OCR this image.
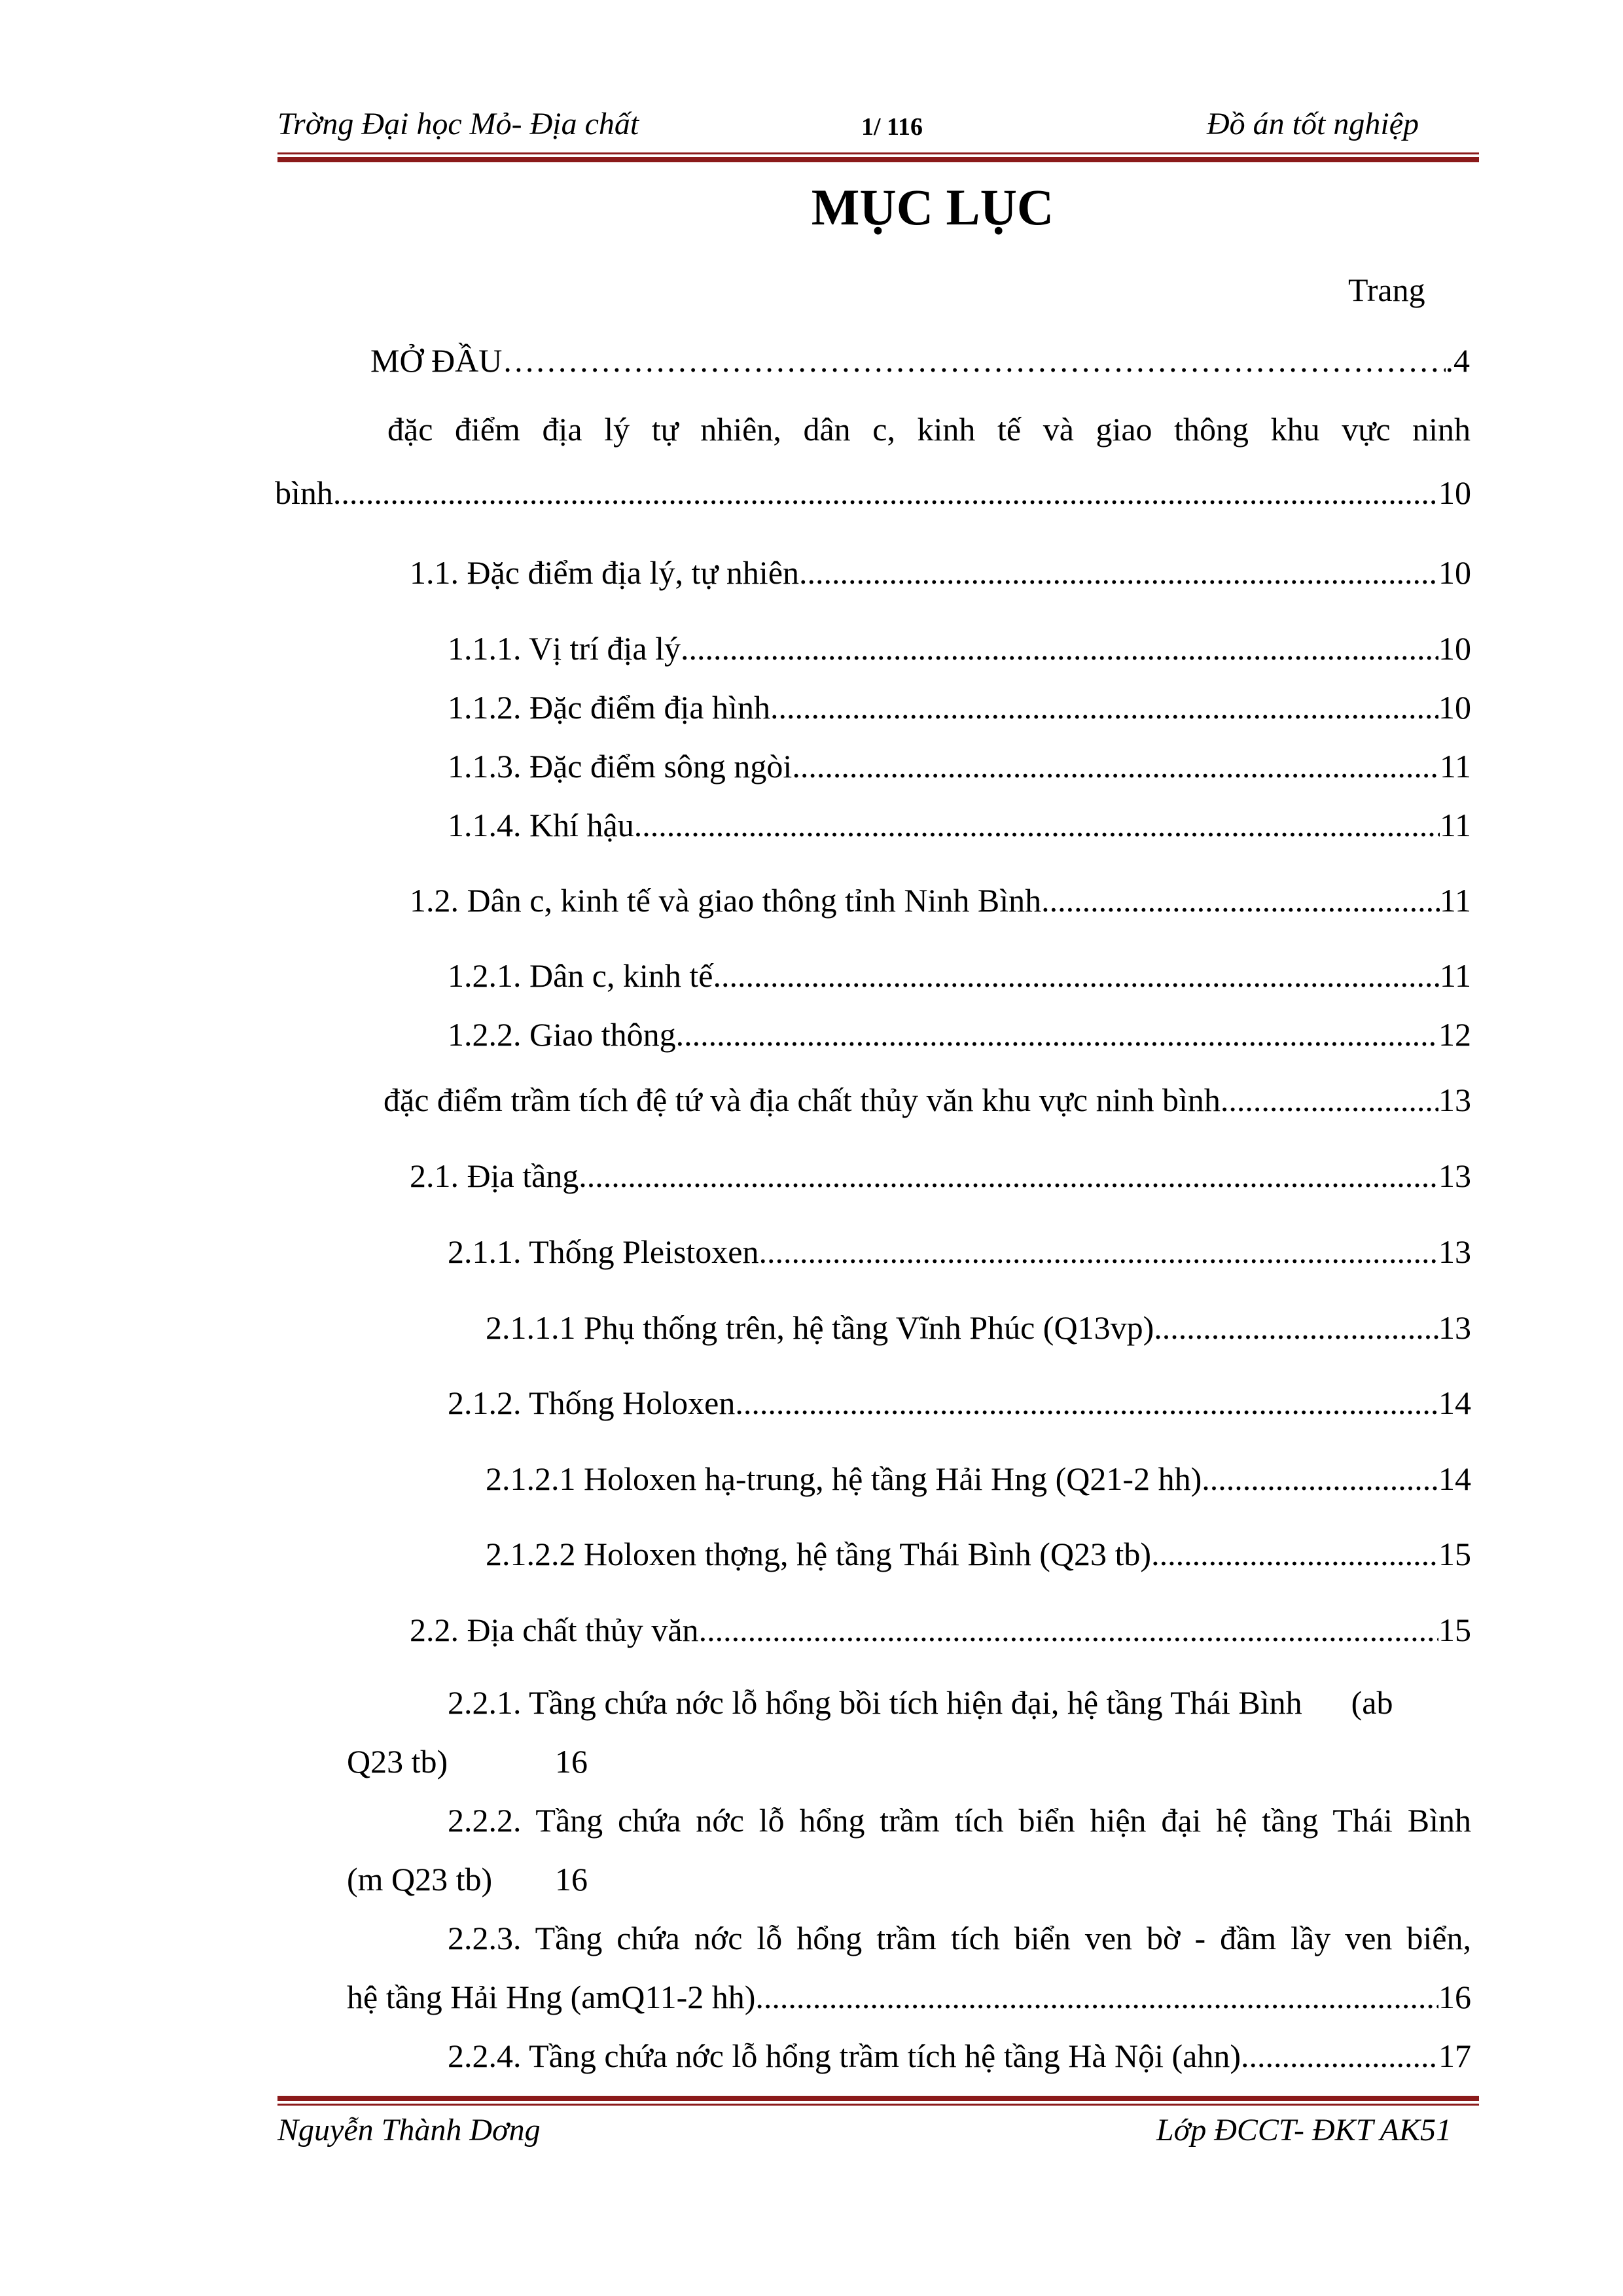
Trờng Đại học Mỏ- Địa chất	1/ 116	Đồ án tốt nghiệp
MỤC LỤC
Trang
MỞ ĐẦU ……………………………………………………………………………………………………………………………………………………………………………………………………	.4
đặc điểm địa lý tự nhiên, dân c, kinh tế và giao thông khu vực ninh
bình .....	10
1.1. Đặc điểm địa lý, tự nhiên .....	10
1.1.1. Vị trí địa lý .....	10
1.1.2. Đặc điểm địa hình .....	10
1.1.3. Đặc điểm sông ngòi .....	11
1.1.4. Khí hậu .....	11
1.2. Dân c, kinh tế và giao thông tỉnh Ninh Bình .....	11
1.2.1. Dân c, kinh tế .....	11
1.2.2. Giao thông .....	12
đặc điểm trầm tích đệ tứ và địa chất thủy văn khu vực ninh bình .....	13
2.1. Địa tầng .....	13
2.1.1. Thống Pleistoxen .....	13
2.1.1.1 Phụ thống trên, hệ tầng Vĩnh Phúc (Q13vp) .....	13
2.1.2. Thống Holoxen .....	14
2.1.2.1 Holoxen hạ-trung, hệ tầng Hải Hng (Q21-2 hh) .....	14
2.1.2.2 Holoxen thợng, hệ tầng Thái Bình (Q23 tb) .....	15
2.2. Địa chất thủy văn .....	15
2.2.1. Tầng chứa nớc lỗ hổng bồi tích hiện đại, hệ tầng Thái Bình      (ab
Q23 tb)	16
2.2.2. Tầng chứa nớc lỗ hổng trầm tích biển hiện đại hệ tầng Thái Bình
(m Q23 tb) 16
2.2.3. Tầng chứa nớc lỗ hổng trầm tích biển ven bờ - đầm lầy ven biển,
hệ tầng Hải Hng (amQ11-2 hh) .....	16
2.2.4. Tầng chứa nớc lỗ hổng trầm tích hệ tầng Hà Nội (ahn) .....	17
Nguyễn Thành Dơng	Lớp ĐCCT- ĐKT AK51
